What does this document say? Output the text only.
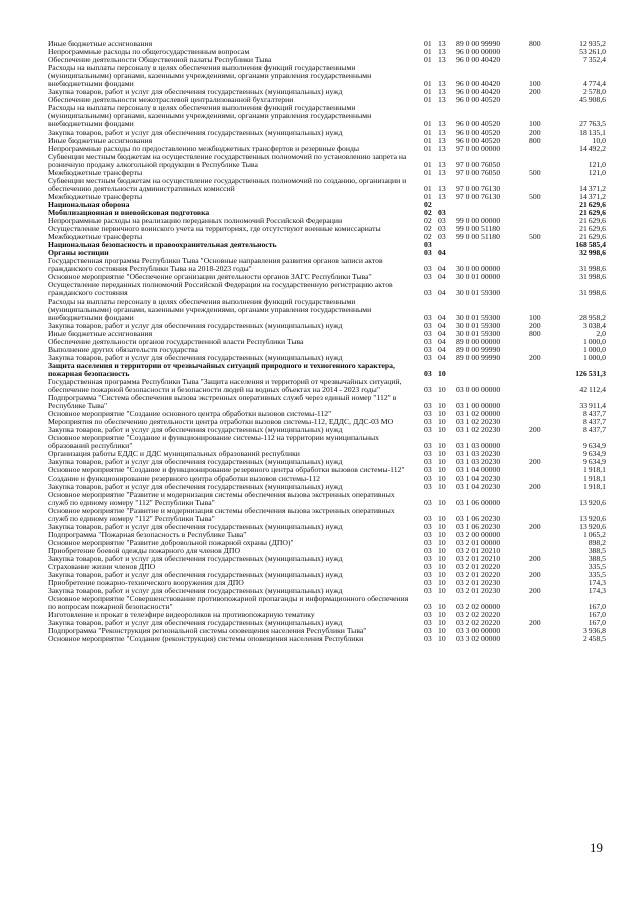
Иные бюджетные ассигнования	01 13	89 0 00 99990	800	12 935,2
Непрограммные расходы по общегосударственным вопросам	01 13	96 0 00 00000	53 261,0
Обеспечение деятельности Общественной палаты Республики Тыва	01 13	96 0 00 40420	7 352,4
Расходы на выплаты персоналу в целях обеспечения выполнения функций государственными (муниципальными) органами, казенными учреждениями, органами управления государственными внебюджетными фондами	01 13	96 0 00 40420	100	4 774,4
Закупка товаров, работ и услуг для обеспечения государственных (муниципальных) нужд	01 13	96 0 00 40420	200	2 578,0
Обеспечение деятельности межотраслевой централизованной бухгалтерии	01 13	96 0 00 40520	45 908,6
Расходы на выплаты персоналу в целях обеспечения выполнения функций государственными (муниципальными) органами, казенными учреждениями, органами управления государственными внебюджетными фондами	01 13	96 0 00 40520	100	27 763,5
Закупка товаров, работ и услуг для обеспечения государственных (муниципальных) нужд	01 13	96 0 00 40520	200	18 135,1
Иные бюджетные ассигнования	01 13	96 0 00 40520	800	10,0
Непрограммные расходы по предоставлению межбюджетных трансфертов и резервные фонды	01 13	97 0 00 00000	14 492,2
Субвенции местным бюджетам на осуществление государственных полномочий по установлению запрета на розничную продажу алкогольной продукции в Республике Тыва	01 13	97 0 00 76050	121,0
Межбюджетные трансферты	01 13	97 0 00 76050	500	121,0
Субвенции местным бюджетам на осуществление государственных полномочий по созданию, организации и обеспечению деятельности административных комиссий	01 13	97 0 00 76130	14 371,2
Межбюджетные трансферты	01 13	97 0 00 76130	500	14 371,2
Национальная оборона	02	21 629,6
Мобилизационная и вневойсковая подготовка	02 03	21 629,6
Непрограммные расходы на реализацию переданных полномочий Российской Федерации	02 03	99 0 00 00000	21 629,6
Осуществление первичного воинского учета на территориях, где отсутствуют военные комиссариаты	02 03	99 0 00 51180	21 629,6
Межбюджетные трансферты	02 03	99 0 00 51180	500	21 629,6
Национальная безопасность и правоохранительная деятельность	03	168 585,4
Органы юстиции	03 04	32 998,6
Государственная программа Республики Тыва "Основные направления развития органов записи актов гражданского состояния Республики Тыва на 2018-2023 годы"	03 04	30 0 00 00000	31 998,6
Основное мероприятие "Обеспечение организации деятельности органов ЗАГС Республики Тыва"	03 04	30 0 01 00000	31 998,6
Осуществление переданных полномочий Российской Федерации на государственную регистрацию актов гражданского состояния	03 04	30 0 01 59300	31 998,6
Расходы на выплаты персоналу в целях обеспечения выполнения функций государственными (муниципальными) органами, казенными учреждениями, органами управления государственными внебюджетными фондами	03 04	30 0 01 59300	100	28 958,2
Закупка товаров, работ и услуг для обеспечения государственных (муниципальных) нужд	03 04	30 0 01 59300	200	3 038,4
Иные бюджетные ассигнования	03 04	30 0 01 59300	800	2,0
Обеспечение деятельности органов государственной власти Республики Тыва	03 04	89 0 00 00000	1 000,0
Выполнение других обязательств государства	03 04	89 0 00 99990	1 000,0
Закупка товаров, работ и услуг для обеспечения государственных (муниципальных) нужд	03 04	89 0 00 99990	200	1 000,0
Защита населения и территории от чрезвычайных ситуаций природного и техногенного характера, пожарная безопасность	03 10	126 531,3
Государственная программа Республики Тыва "Защита населения и территорий от чрезвычайных ситуаций, обеспечение пожарной безопасности и безопасности людей на водных объектах на 2014 - 2023 годы"	03 10	03 0 00 00000	42 112,4
Подпрограмма "Система обеспечения вызова экстренных оперативных служб через единый номер "112" в Республике Тыва"	03 10	03 1 00 00000	33 911,4
Основное мероприятие "Создание основного центра обработки вызовов системы-112"	03 10	03 1 02 00000	8 437,7
Мероприятия по обеспечению деятельности центра отработки вызовов системы-112, ЕДДС, ДДС-03 МО	03 10	03 1 02 20230	8 437,7
Закупка товаров, работ и услуг для обеспечения государственных (муниципальных) нужд	03 10	03 1 02 20230	200	8 437,7
Основное мероприятие "Создание и функционирование системы-112 на территории муниципальных образований республики"	03 10	03 1 03 00000	9 634,9
Организация работы ЕДДС и ДДС муниципальных образований республики	03 10	03 1 03 20230	9 634,9
Закупка товаров, работ и услуг для обеспечения государственных (муниципальных) нужд	03 10	03 1 03 20230	200	9 634,9
Основное мероприятие "Создание и функционирование резервного центра обработки вызовов системы-112"	03 10	03 1 04 00000	1 918,1
Создание и функционирование резервного центра обработки вызовов системы-112	03 10	03 1 04 20230	1 918,1
Закупка товаров, работ и услуг для обеспечения государственных (муниципальных) нужд	03 10	03 1 04 20230	200	1 918,1
Основное мероприятие "Развитие и модернизация системы обеспечения вызова экстренных оперативных служб по единому номеру "112" Республики Тыва"	03 10	03 1 06 00000	13 920,6
Основное мероприятие "Развитие и модернизация системы обеспечения вызова экстренных оперативных служб по единому номеру "112" Республики Тыва"	03 10	03 1 06 20230	13 920,6
Закупка товаров, работ и услуг для обеспечения государственных (муниципальных) нужд	03 10	03 1 06 20230	200	13 920,6
Подпрограмма "Пожарная безопасность в Республике Тыва"	03 10	03 2 00 00000	1 065,2
Основное мероприятие "Развитие добровольной пожарной охраны (ДПО)"	03 10	03 2 01 00000	898,2
Приобретение боевой одежды пожарного для членов ДПО	03 10	03 2 01 20210	388,5
Закупка товаров, работ и услуг для обеспечения государственных (муниципальных) нужд	03 10	03 2 01 20210	200	388,5
Страхование жизни членов ДПО	03 10	03 2 01 20220	335,5
Закупка товаров, работ и услуг для обеспечения государственных (муниципальных) нужд	03 10	03 2 01 20220	200	335,5
Приобретение пожарно-технического вооружения для ДПО	03 10	03 2 01 20230	174,3
Закупка товаров, работ и услуг для обеспечения государственных (муниципальных) нужд	03 10	03 2 01 20230	200	174,3
Основное мероприятие "Совершенствование противопожарной пропаганды и информационного обеспечения по вопросам пожарной безопасности"	03 10	03 2 02 00000	167,0
Изготовление и прокат в телеэфире видеороликов на противопожарную тематику	03 10	03 2 02 20220	167,0
Закупка товаров, работ и услуг для обеспечения государственных (муниципальных) нужд	03 10	03 2 02 20220	200	167,0
Подпрограмма "Реконструкция региональной системы оповещения населения Республики Тыва"	03 10	03 3 00 00000	3 936,8
Основное мероприятие "Создание (реконструкция) системы оповещения населения Республики	03 10	03 3 02 00000	2 458,5
19
